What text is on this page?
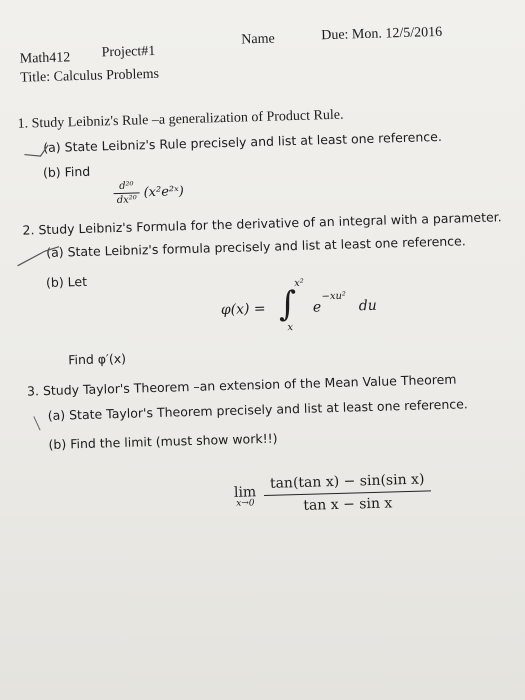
Name	Due: Mon. 12/5/2016
Math412 Project#1
Title: Calculus Problems
1. Study Leibniz's Rule –a generalization of Product Rule.
(a) State Leibniz's Rule precisely and list at least one reference.
(b) Find
$\frac{\text{d²⁰}}{\text{dx²⁰}}$ (x²e²ˣ)
2. Study Leibniz's Formula for the derivative of an integral with a parameter.
(a) State Leibniz's formula precisely and list at least one reference.
(b) Let
φ(x) = ∫
x²
x
e
−xu²
du
Find φ′(x)
3. Study Taylor's Theorem –an extension of the Mean Value Theorem
(a) State Taylor's Theorem precisely and list at least one reference.
(b) Find the limit (must show work!!)
lim
x→0
$\frac{\text{tan(tan x) − sin(sin x)}}{\text{tan x − sin x}}$
